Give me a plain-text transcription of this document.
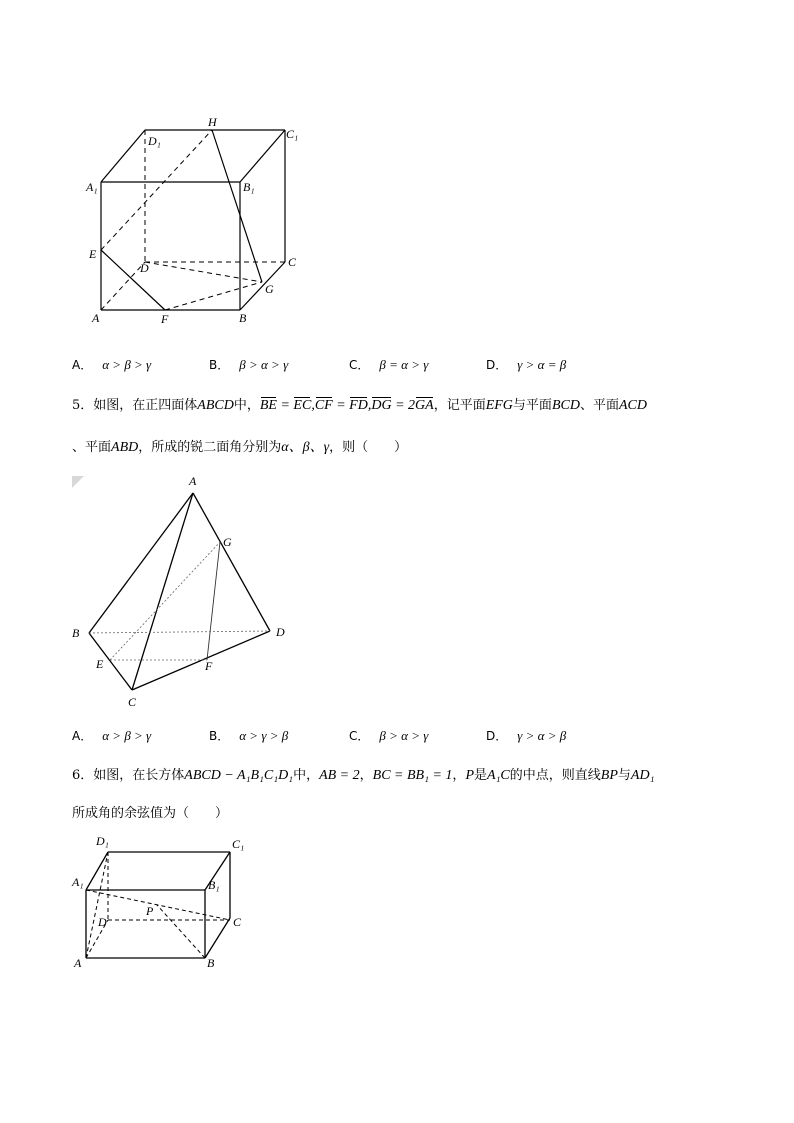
D₁
H
C₁
A₁	B₁
E
D	C
G
A	F	B
A． α > β > γ	B． β > α > γ	C． β = α > γ	D． γ > α = β
5．如图，在正四面体ABCD中，BE = EC,CF = FD,DG = 2GA，记平面EFG与平面BCD、平面ACD
、平面ABD，所成的锐二面角分别为α、β、γ，则（　　）
A
G
B	D
E	F
C
A． α > β > γ	B． α > γ > β	C． β > α > γ	D． γ > α > β
6．如图，在长方体ABCD − A₁B₁C₁D₁中，AB = 2，BC = BB₁ = 1，P是A₁C的中点，则直线BP与AD₁
所成角的余弦值为（　　）
D₁	C₁
A₁	B₁
P
D	C
A	B
